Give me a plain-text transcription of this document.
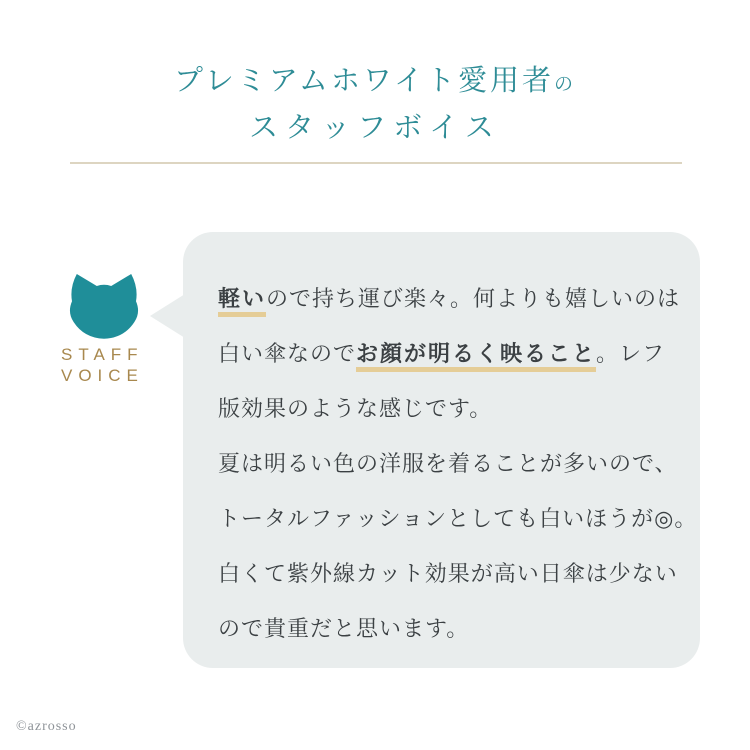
プレミアムホワイト愛用者の
スタッフボイス
STAFF
VOICE
軽いので持ち運び楽々。何よりも嬉しいのは
白い傘なのでお顔が明るく映ること。レフ
版効果のような感じです。
夏は明るい色の洋服を着ることが多いので、
トータルファッションとしても白いほうが◎。
白くて紫外線カット効果が高い日傘は少ない
ので貴重だと思います。
©azrosso
